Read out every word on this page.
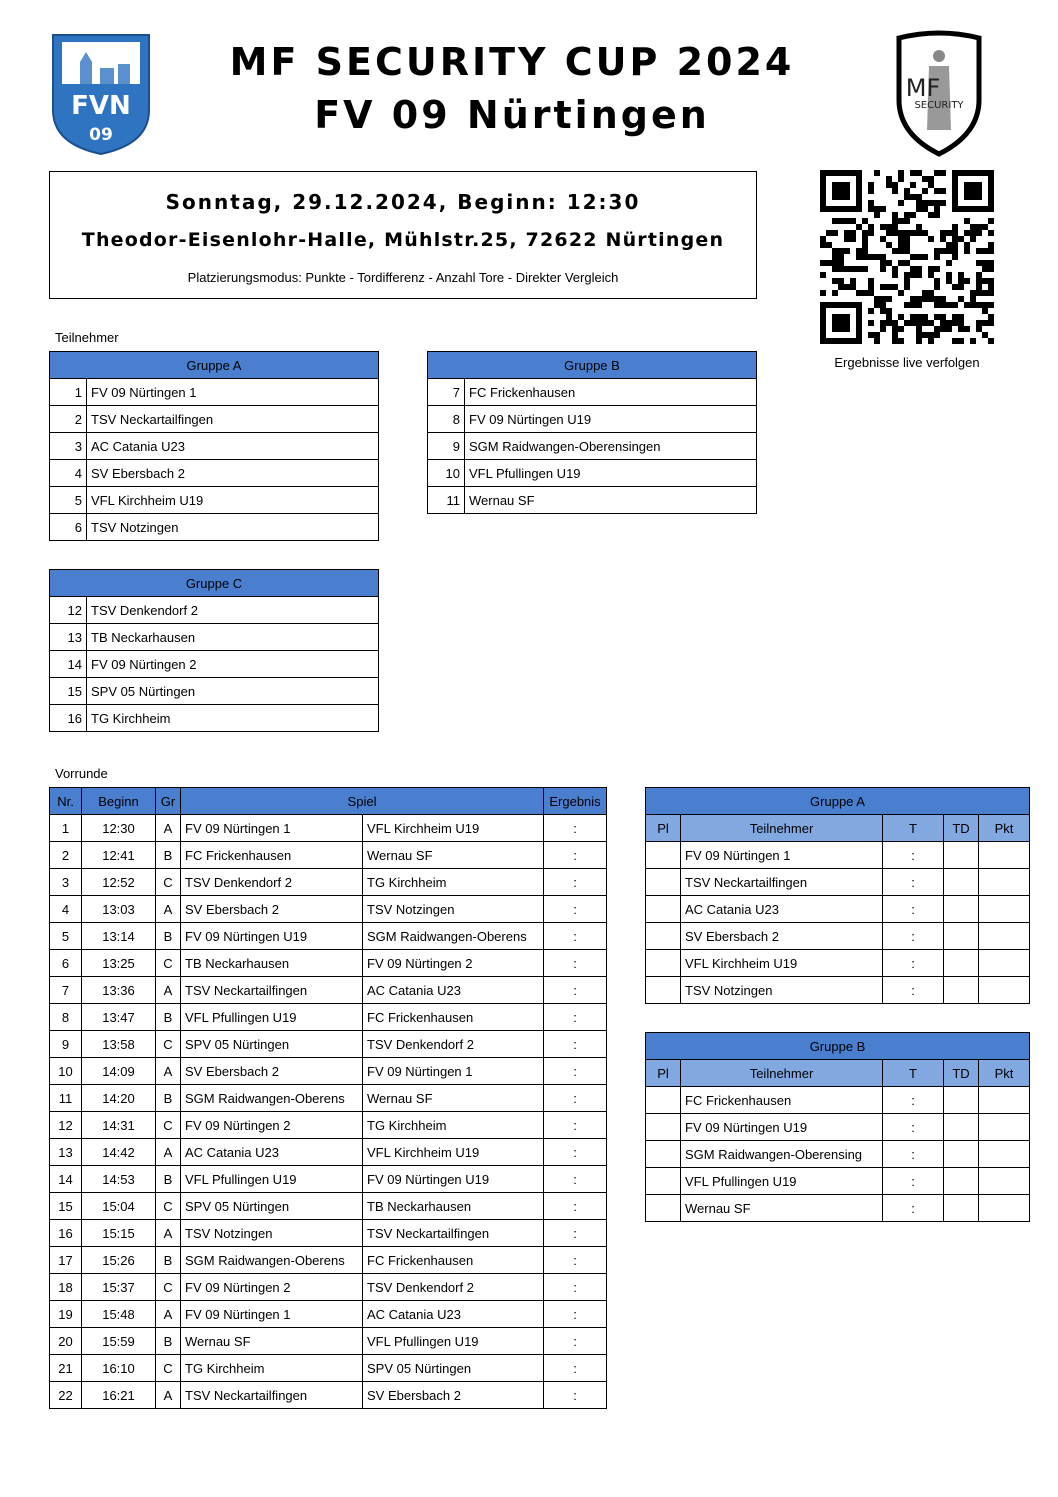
FVN
09
MF
SECURITY
MF SECURITY CUP 2024
FV 09 Nürtingen
Sonntag, 29.12.2024, Beginn: 12:30
Theodor-Eisenlohr-Halle, Mühlstr.25, 72622 Nürtingen
Platzierungsmodus: Punkte - Tordifferenz - Anzahl Tore - Direkter Vergleich
Ergebnisse live verfolgen
Teilnehmer
Gruppe A	
1	FV 09 Nürtingen 1
2	TSV Neckartailfingen
3	AC Catania U23
4	SV Ebersbach 2
5	VFL Kirchheim U19
6	TSV Notzingen
Gruppe B	
7	FC Frickenhausen
8	FV 09 Nürtingen U19
9	SGM Raidwangen-Oberensingen
10	VFL Pfullingen U19
11	Wernau SF
Gruppe C	
12	TSV Denkendorf 2
13	TB Neckarhausen
14	FV 09 Nürtingen 2
15	SPV 05 Nürtingen
16	TG Kirchheim
Vorrunde
Nr.	Beginn	Gr	Spiel		Ergebnis
1	12:30	A	FV 09 Nürtingen 1	VFL Kirchheim U19	:
2	12:41	B	FC Frickenhausen	Wernau SF	:
3	12:52	C	TSV Denkendorf 2	TG Kirchheim	:
4	13:03	A	SV Ebersbach 2	TSV Notzingen	:
5	13:14	B	FV 09 Nürtingen U19	SGM Raidwangen-Oberens	:
6	13:25	C	TB Neckarhausen	FV 09 Nürtingen 2	:
7	13:36	A	TSV Neckartailfingen	AC Catania U23	:
8	13:47	B	VFL Pfullingen U19	FC Frickenhausen	:
9	13:58	C	SPV 05 Nürtingen	TSV Denkendorf 2	:
10	14:09	A	SV Ebersbach 2	FV 09 Nürtingen 1	:
11	14:20	B	SGM Raidwangen-Oberens	Wernau SF	:
12	14:31	C	FV 09 Nürtingen 2	TG Kirchheim	:
13	14:42	A	AC Catania U23	VFL Kirchheim U19	:
14	14:53	B	VFL Pfullingen U19	FV 09 Nürtingen U19	:
15	15:04	C	SPV 05 Nürtingen	TB Neckarhausen	:
16	15:15	A	TSV Notzingen	TSV Neckartailfingen	:
17	15:26	B	SGM Raidwangen-Oberens	FC Frickenhausen	:
18	15:37	C	FV 09 Nürtingen 2	TSV Denkendorf 2	:
19	15:48	A	FV 09 Nürtingen 1	AC Catania U23	:
20	15:59	B	Wernau SF	VFL Pfullingen U19	:
21	16:10	C	TG Kirchheim	SPV 05 Nürtingen	:
22	16:21	A	TSV Neckartailfingen	SV Ebersbach 2	:
Gruppe A				
Pl	Teilnehmer	T	TD	Pkt
	FV 09 Nürtingen 1	:		
	TSV Neckartailfingen	:		
	AC Catania U23	:		
	SV Ebersbach 2	:		
	VFL Kirchheim U19	:		
	TSV Notzingen	:		
Gruppe B				
Pl	Teilnehmer	T	TD	Pkt
	FC Frickenhausen	:		
	FV 09 Nürtingen U19	:		
	SGM Raidwangen-Oberensing	:		
	VFL Pfullingen U19	:		
	Wernau SF	:		
